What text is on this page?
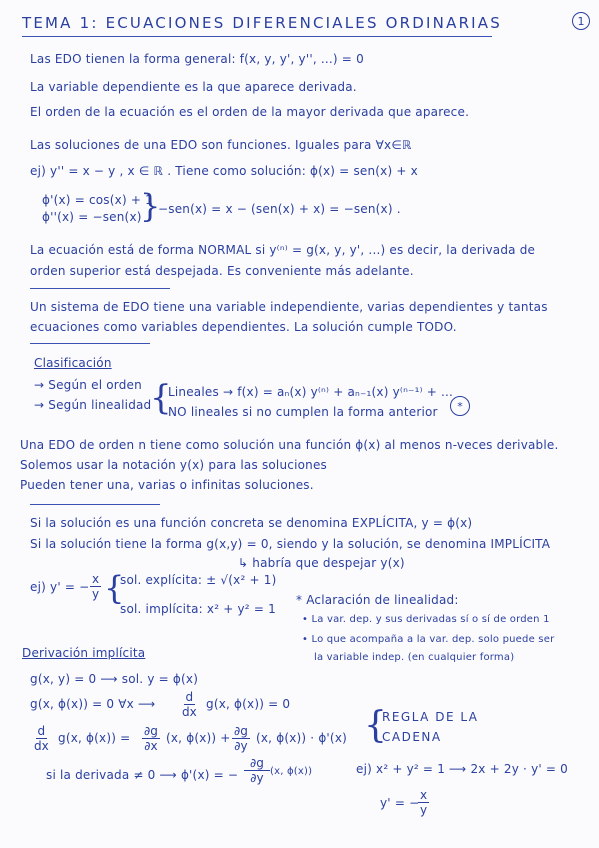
TEMA 1: ECUACIONES DIFERENCIALES ORDINARIAS	1
Las EDO tienen la forma general: f(x, y, y', y'', ...) = 0
La variable dependiente es la que aparece derivada.
El orden de la ecuación es el orden de la mayor derivada que aparece.
Las soluciones de una EDO son funciones. Iguales para ∀x∈ℝ
ej) y'' = x − y , x ∈ ℝ . Tiene como solución: ϕ(x) = sen(x) + x
ϕ'(x) = cos(x) + 1
ϕ''(x) = −sen(x)
}
−sen(x) = x − (sen(x) + x) = −sen(x) .
La ecuación está de forma NORMAL si y⁽ⁿ⁾ = g(x, y, y', ...) es decir, la derivada de
orden superior está despejada. Es conveniente más adelante.
Un sistema de EDO tiene una variable independiente, varias dependientes y tantas
ecuaciones como variables dependientes. La solución cumple TODO.
Clasificación
→ Según el orden
→ Según linealidad
{
Lineales → f(x) = aₙ(x) y⁽ⁿ⁾ + aₙ₋₁(x) y⁽ⁿ⁻¹⁾ + ...
NO lineales si no cumplen la forma anterior	*
Una EDO de orden n tiene como solución una función ϕ(x) al menos n-veces derivable.
Solemos usar la notación y(x) para las soluciones
Pueden tener una, varias o infinitas soluciones.
Si la solución es una función concreta se denomina EXPLÍCITA, y = ϕ(x)
Si la solución tiene la forma g(x,y) = 0, siendo y la solución, se denomina IMPLÍCITA
↳ habría que despejar y(x)
ej) y' = − $\frac{x}{y}$ {
sol. explícita: ± √(x² + 1)
sol. implícita: x² + y² = 1
* Aclaración de linealidad:
• La var. dep. y sus derivadas sí o sí de orden 1
• Lo que acompaña a la var. dep. solo puede ser
la variable indep. (en cualquier forma)
Derivación implícita
g(x, y) = 0 ⟶ sol. y = ϕ(x)
g(x, ϕ(x)) = 0 ∀x ⟶ $\frac{d}{dx} g(x$, ϕ(x)) = 0
$\frac{d}{dx} g(x$, $\phi(x)) = \frac{\partial g}{\partial x} (x$, $\phi(x)) + \frac{\partial g}{\partial y} (x$, ϕ(x)) · ϕ'(x) {
REGLA DE LA
CADENA
si la derivada ≠ 0 ⟶ ϕ'(x) = − $\frac{\partial g}{\partial y} (x$, ϕ(x))	ej) x² + y² = 1 ⟶ 2x + 2y · y' = 0
y' = −
$\frac{x}{y}$
